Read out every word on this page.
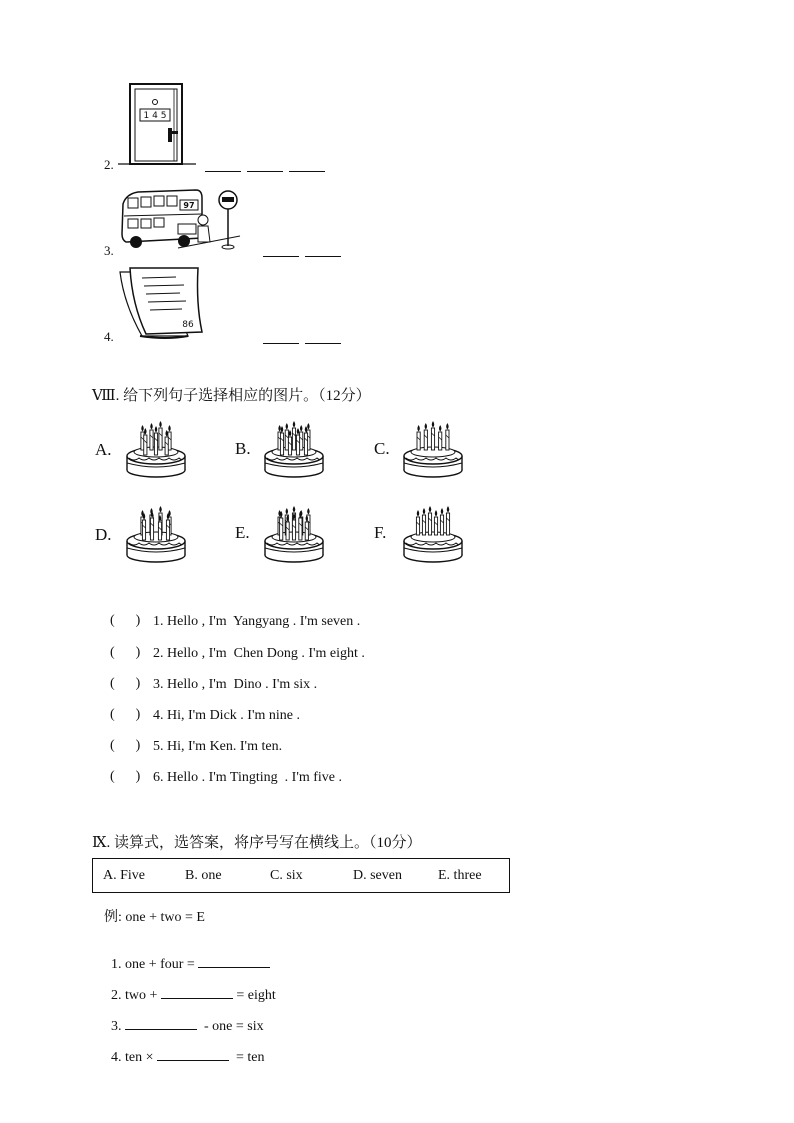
1 4 5
2.
97
3.
86
4.
Ⅷ. 给下列句子选择相应的图片。（12分）
A.	B.	C.
D.	E.	F.
(      ) 1. Hello , I'm  Yangyang . I'm seven .
(      ) 2. Hello , I'm  Chen Dong . I'm eight .
(      ) 3. Hello , I'm  Dino . I'm six .
(      ) 4. Hi, I'm Dick . I'm nine .
(      ) 5. Hi, I'm Ken. I'm ten.
(      ) 6. Hello . I'm Tingting  . I'm five .
Ⅸ. 读算式，选答案，将序号写在横线上。（10分）
A. Five	B. one	C. six	D. seven	E. three
例: one + two = E

1. one + four =

2. two +	= eight

3.	- one = six

4. ten ×	= ten
